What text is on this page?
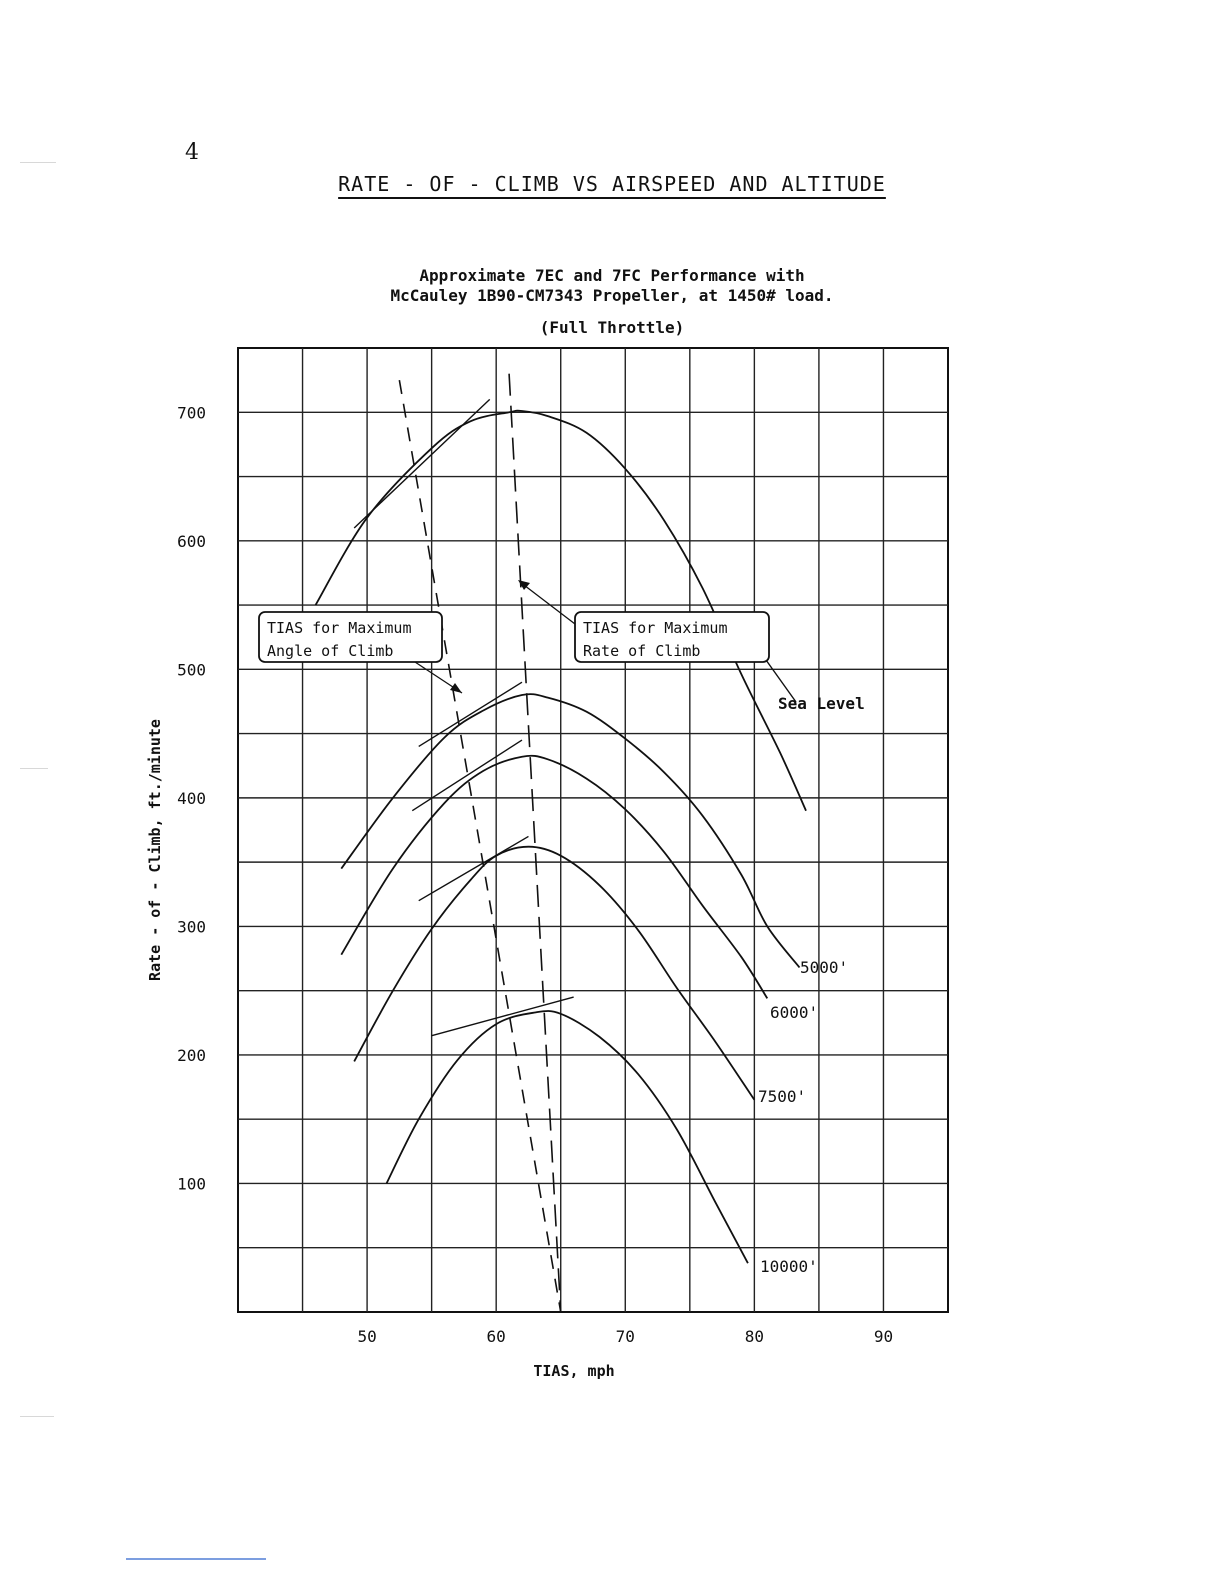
4
RATE - OF - CLIMB VS AIRSPEED AND ALTITUDE
Approximate 7EC and 7FC Performance with
McCauley 1B90-CM7343 Propeller, at 1450# load.
(Full Throttle)
50	60	70	80	90
100
200
300
400
500
600
700
TIAS for Maximum
Angle of Climb
TIAS for Maximum
Rate of Climb
Sea Level
5000'
6000'
7500'
10000'
TIAS, mph
Rate - of - Climb, ft./minute
